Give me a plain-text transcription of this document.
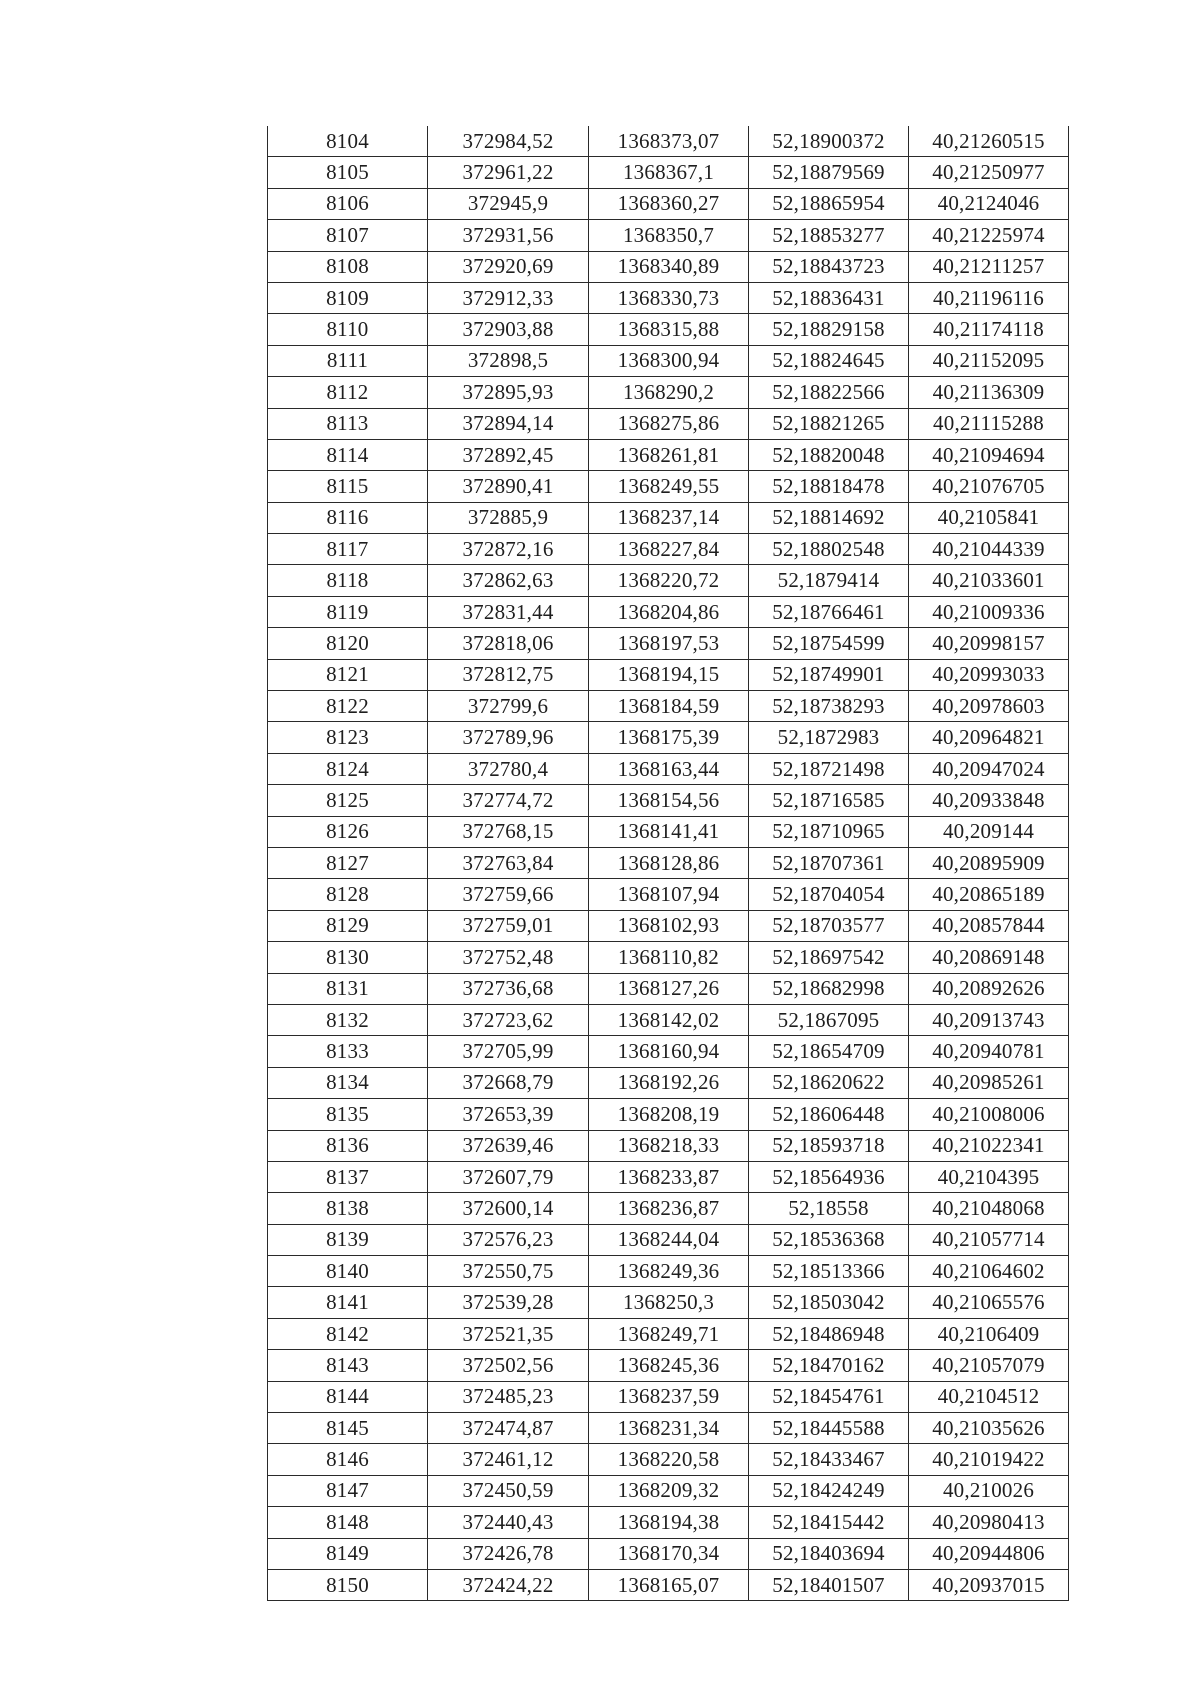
8104	372984,52	1368373,07	52,18900372	40,21260515
8105	372961,22	1368367,1	52,18879569	40,21250977
8106	372945,9	1368360,27	52,18865954	40,2124046
8107	372931,56	1368350,7	52,18853277	40,21225974
8108	372920,69	1368340,89	52,18843723	40,21211257
8109	372912,33	1368330,73	52,18836431	40,21196116
8110	372903,88	1368315,88	52,18829158	40,21174118
8111	372898,5	1368300,94	52,18824645	40,21152095
8112	372895,93	1368290,2	52,18822566	40,21136309
8113	372894,14	1368275,86	52,18821265	40,21115288
8114	372892,45	1368261,81	52,18820048	40,21094694
8115	372890,41	1368249,55	52,18818478	40,21076705
8116	372885,9	1368237,14	52,18814692	40,2105841
8117	372872,16	1368227,84	52,18802548	40,21044339
8118	372862,63	1368220,72	52,1879414	40,21033601
8119	372831,44	1368204,86	52,18766461	40,21009336
8120	372818,06	1368197,53	52,18754599	40,20998157
8121	372812,75	1368194,15	52,18749901	40,20993033
8122	372799,6	1368184,59	52,18738293	40,20978603
8123	372789,96	1368175,39	52,1872983	40,20964821
8124	372780,4	1368163,44	52,18721498	40,20947024
8125	372774,72	1368154,56	52,18716585	40,20933848
8126	372768,15	1368141,41	52,18710965	40,209144
8127	372763,84	1368128,86	52,18707361	40,20895909
8128	372759,66	1368107,94	52,18704054	40,20865189
8129	372759,01	1368102,93	52,18703577	40,20857844
8130	372752,48	1368110,82	52,18697542	40,20869148
8131	372736,68	1368127,26	52,18682998	40,20892626
8132	372723,62	1368142,02	52,1867095	40,20913743
8133	372705,99	1368160,94	52,18654709	40,20940781
8134	372668,79	1368192,26	52,18620622	40,20985261
8135	372653,39	1368208,19	52,18606448	40,21008006
8136	372639,46	1368218,33	52,18593718	40,21022341
8137	372607,79	1368233,87	52,18564936	40,2104395
8138	372600,14	1368236,87	52,18558	40,21048068
8139	372576,23	1368244,04	52,18536368	40,21057714
8140	372550,75	1368249,36	52,18513366	40,21064602
8141	372539,28	1368250,3	52,18503042	40,21065576
8142	372521,35	1368249,71	52,18486948	40,2106409
8143	372502,56	1368245,36	52,18470162	40,21057079
8144	372485,23	1368237,59	52,18454761	40,2104512
8145	372474,87	1368231,34	52,18445588	40,21035626
8146	372461,12	1368220,58	52,18433467	40,21019422
8147	372450,59	1368209,32	52,18424249	40,210026
8148	372440,43	1368194,38	52,18415442	40,20980413
8149	372426,78	1368170,34	52,18403694	40,20944806
8150	372424,22	1368165,07	52,18401507	40,20937015
